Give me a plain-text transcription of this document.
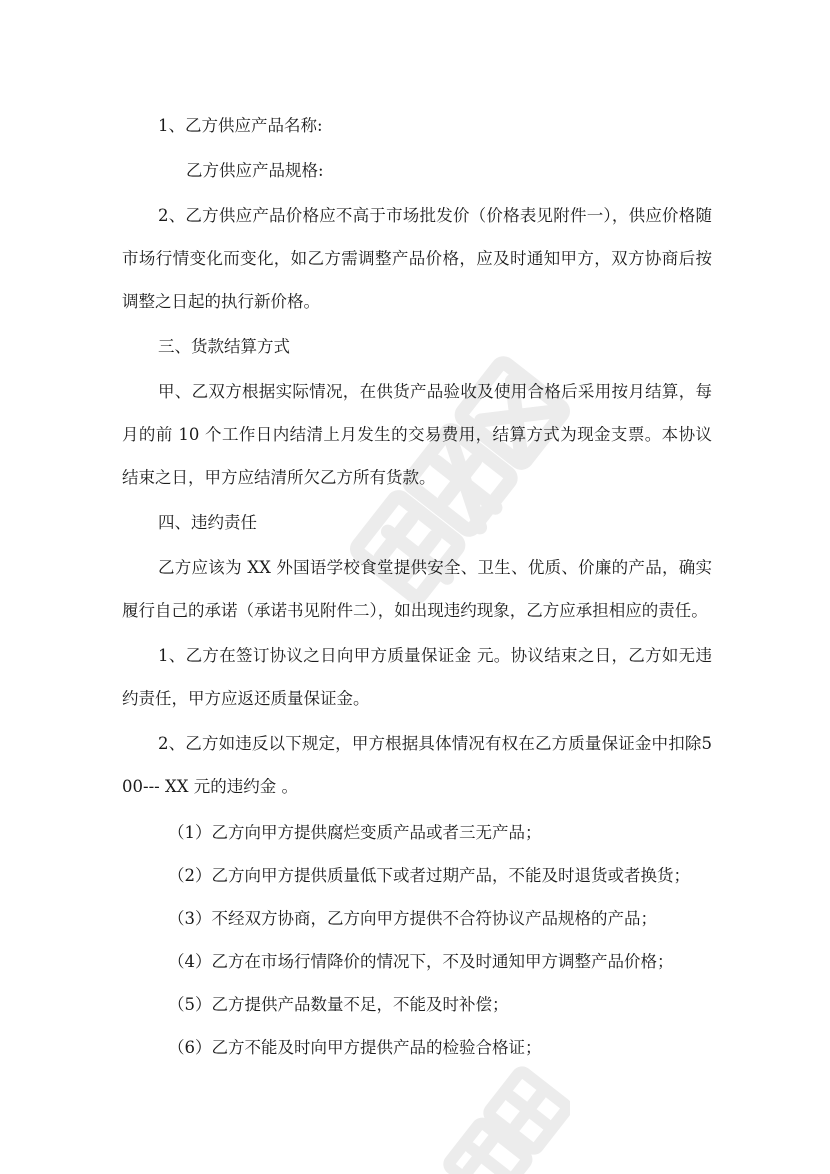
1、乙方供应产品名称:

乙方供应产品规格:

2、乙方供应产品价格应不高于市场批发价（价格表见附件一），供应价格随市场行情变化而变化，如乙方需调整产品价格，应及时通知甲方，双方协商后按调整之日起的执行新价格。

三、货款结算方式

甲、乙双方根据实际情况，在供货产品验收及使用合格后采用按月结算，每月的前 10 个工作日内结清上月发生的交易费用，结算方式为现金支票。本协议结束之日，甲方应结清所欠乙方所有货款。

四、违约责任

乙方应该为 XX 外国语学校食堂提供安全、卫生、优质、价廉的产品，确实履行自己的承诺（承诺书见附件二），如出现违约现象，乙方应承担相应的责任。

1、乙方在签订协议之日向甲方质量保证金 元。协议结束之日，乙方如无违约责任，甲方应返还质量保证金。

2、乙方如违反以下规定，甲方根据具体情况有权在乙方质量保证金中扣除500--- XX 元的违约金 。

（1）乙方向甲方提供腐烂变质产品或者三无产品；

（2）乙方向甲方提供质量低下或者过期产品，不能及时退货或者换货；

（3）不经双方协商，乙方向甲方提供不合符协议产品规格的产品；

（4）乙方在市场行情降价的情况下，不及时通知甲方调整产品价格；

（5）乙方提供产品数量不足，不能及时补偿；

（6）乙方不能及时向甲方提供产品的检验合格证；
